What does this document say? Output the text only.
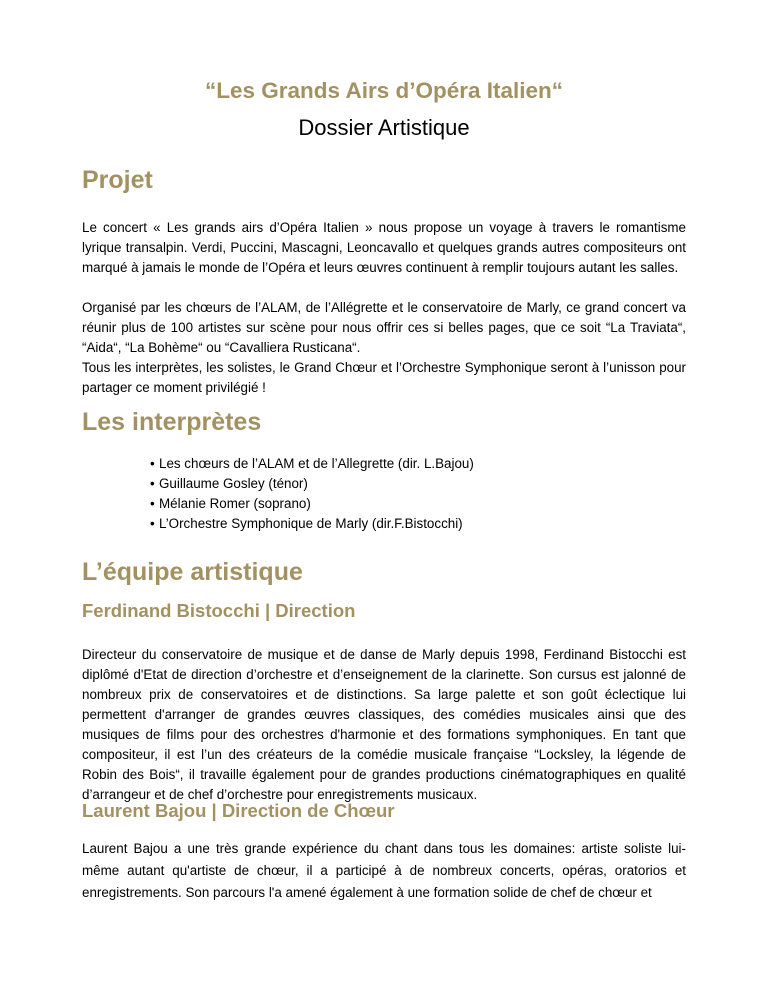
“Les Grands Airs d’Opéra Italien“
Dossier Artistique
Projet

Le concert « Les grands airs d’Opéra Italien » nous propose un voyage à travers le romantisme lyrique transalpin. Verdi, Puccini, Mascagni, Leoncavallo et quelques grands autres compositeurs ont marqué à jamais le monde de l’Opéra et leurs œuvres continuent à remplir toujours autant les salles.

Organisé par les chœurs de l’ALAM, de l’Allégrette et le conservatoire de Marly, ce grand concert va réunir plus de 100 artistes sur scène pour nous offrir ces si belles pages, que ce soit “La Traviata“, “Aida“, “La Bohème“ ou “Cavalliera Rusticana“.

Tous les interprètes, les solistes, le Grand Chœur et l’Orchestre Symphonique seront à l’unisson pour partager ce moment privilégié !

Les interprètes
• Les chœurs de l’ALAM et de l’Allegrette (dir. L.Bajou)
• Guillaume Gosley (ténor)
• Mélanie Romer (soprano)
• L’Orchestre Symphonique de Marly (dir.F.Bistocchi)
L’équipe artistique
Ferdinand Bistocchi | Direction

Directeur du conservatoire de musique et de danse de Marly depuis 1998, Ferdinand Bistocchi est diplômé d'Etat de direction d’orchestre et d’enseignement de la clarinette. Son cursus est jalonné de nombreux prix de conservatoires et de distinctions. Sa large palette et son goût éclectique lui permettent d'arranger de grandes œuvres classiques, des comédies musicales ainsi que des musiques de films pour des orchestres d'harmonie et des formations symphoniques. En tant que compositeur, il est l’un des créateurs de la comédie musicale française “Locksley, la légende de Robin des Bois“, il travaille également pour de grandes productions cinématographiques en qualité d’arrangeur et de chef d’orchestre pour enregistrements musicaux.

Laurent Bajou | Direction de Chœur

Laurent Bajou a une très grande expérience du chant dans tous les domaines: artiste soliste lui-même autant qu'artiste de chœur, il a participé à de nombreux concerts, opéras, oratorios et enregistrements. Son parcours l'a amené également à une formation solide de chef de chœur et
